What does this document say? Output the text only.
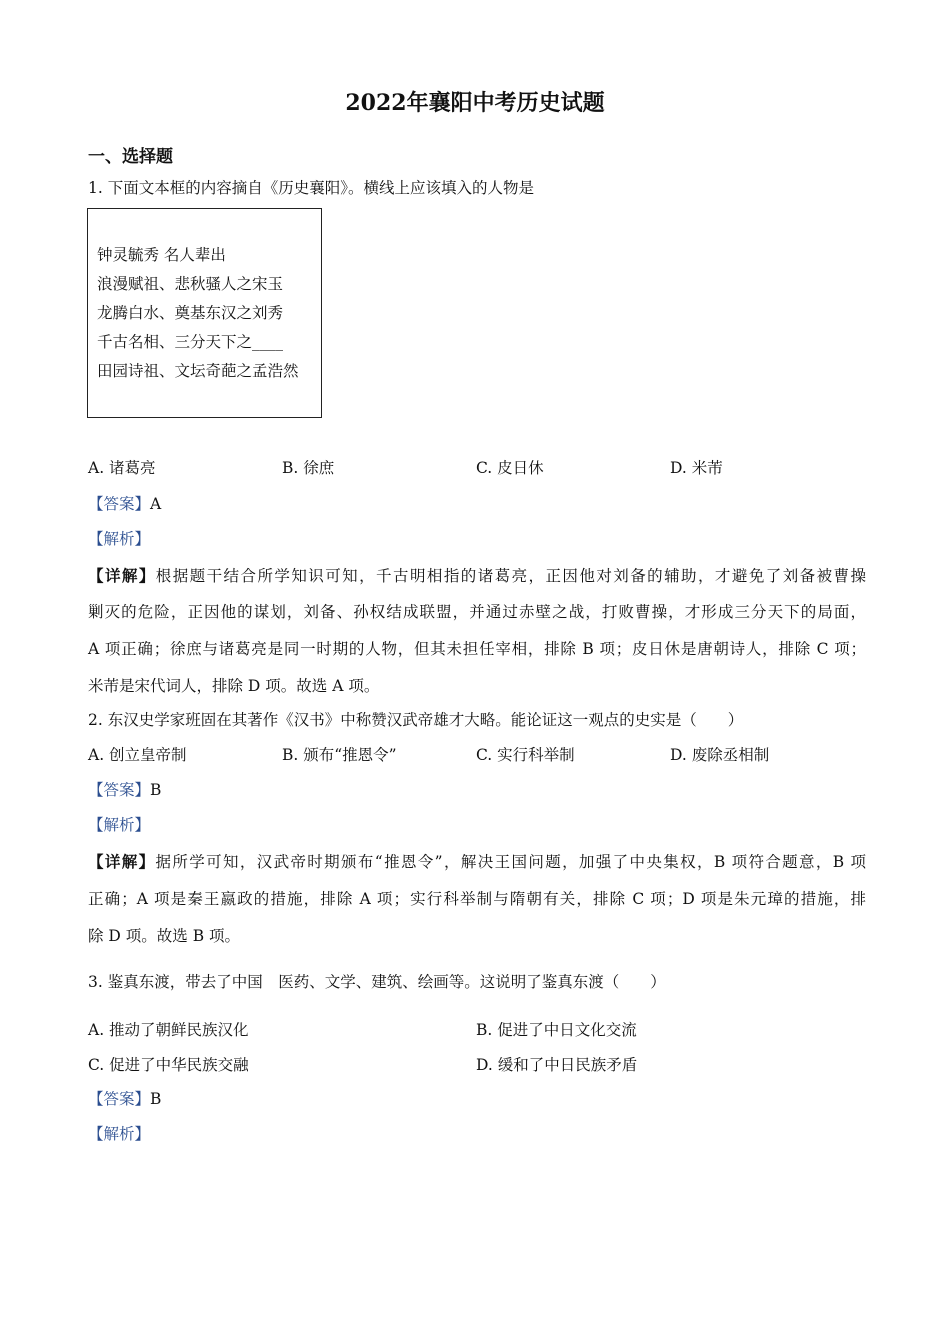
2022年襄阳中考历史试题
一、选择题
1. 下面文本框的内容摘自《历史襄阳》。横线上应该填入的人物是
钟灵毓秀 名人辈出
浪漫赋祖、悲秋骚人之宋玉
龙腾白水、奠基东汉之刘秀
千古名相、三分天下之____
田园诗祖、文坛奇葩之孟浩然
A. 诸葛亮	B. 徐庶	C. 皮日休	D. 米芾
【答案】A
【解析】
【详解】根据题干结合所学知识可知，千古明相指的诸葛亮，正因他对刘备的辅助，才避免了刘备被曹操
剿灭的危险，正因他的谋划，刘备、孙权结成联盟，并通过赤壁之战，打败曹操，才形成三分天下的局面，
A 项正确；徐庶与诸葛亮是同一时期的人物，但其未担任宰相，排除 B 项；皮日休是唐朝诗人，排除 C 项；
米芾是宋代词人，排除 D 项。故选 A 项。
2. 东汉史学家班固在其著作《汉书》中称赞汉武帝雄才大略。能论证这一观点的史实是（　　）
A. 创立皇帝制	B. 颁布“推恩令”	C. 实行科举制	D. 废除丞相制
【答案】B
【解析】
【详解】据所学可知，汉武帝时期颁布“推恩令”，解决王国问题，加强了中央集权，B 项符合题意，B 项
正确；A 项是秦王嬴政的措施，排除 A 项；实行科举制与隋朝有关，排除 C 项；D 项是朱元璋的措施，排
除 D 项。故选 B 项。
3. 鉴真东渡，带去了中国　医药、文学、建筑、绘画等。这说明了鉴真东渡（　　）
A. 推动了朝鲜民族汉化	B. 促进了中日文化交流
C. 促进了中华民族交融	D. 缓和了中日民族矛盾
【答案】B
【解析】
